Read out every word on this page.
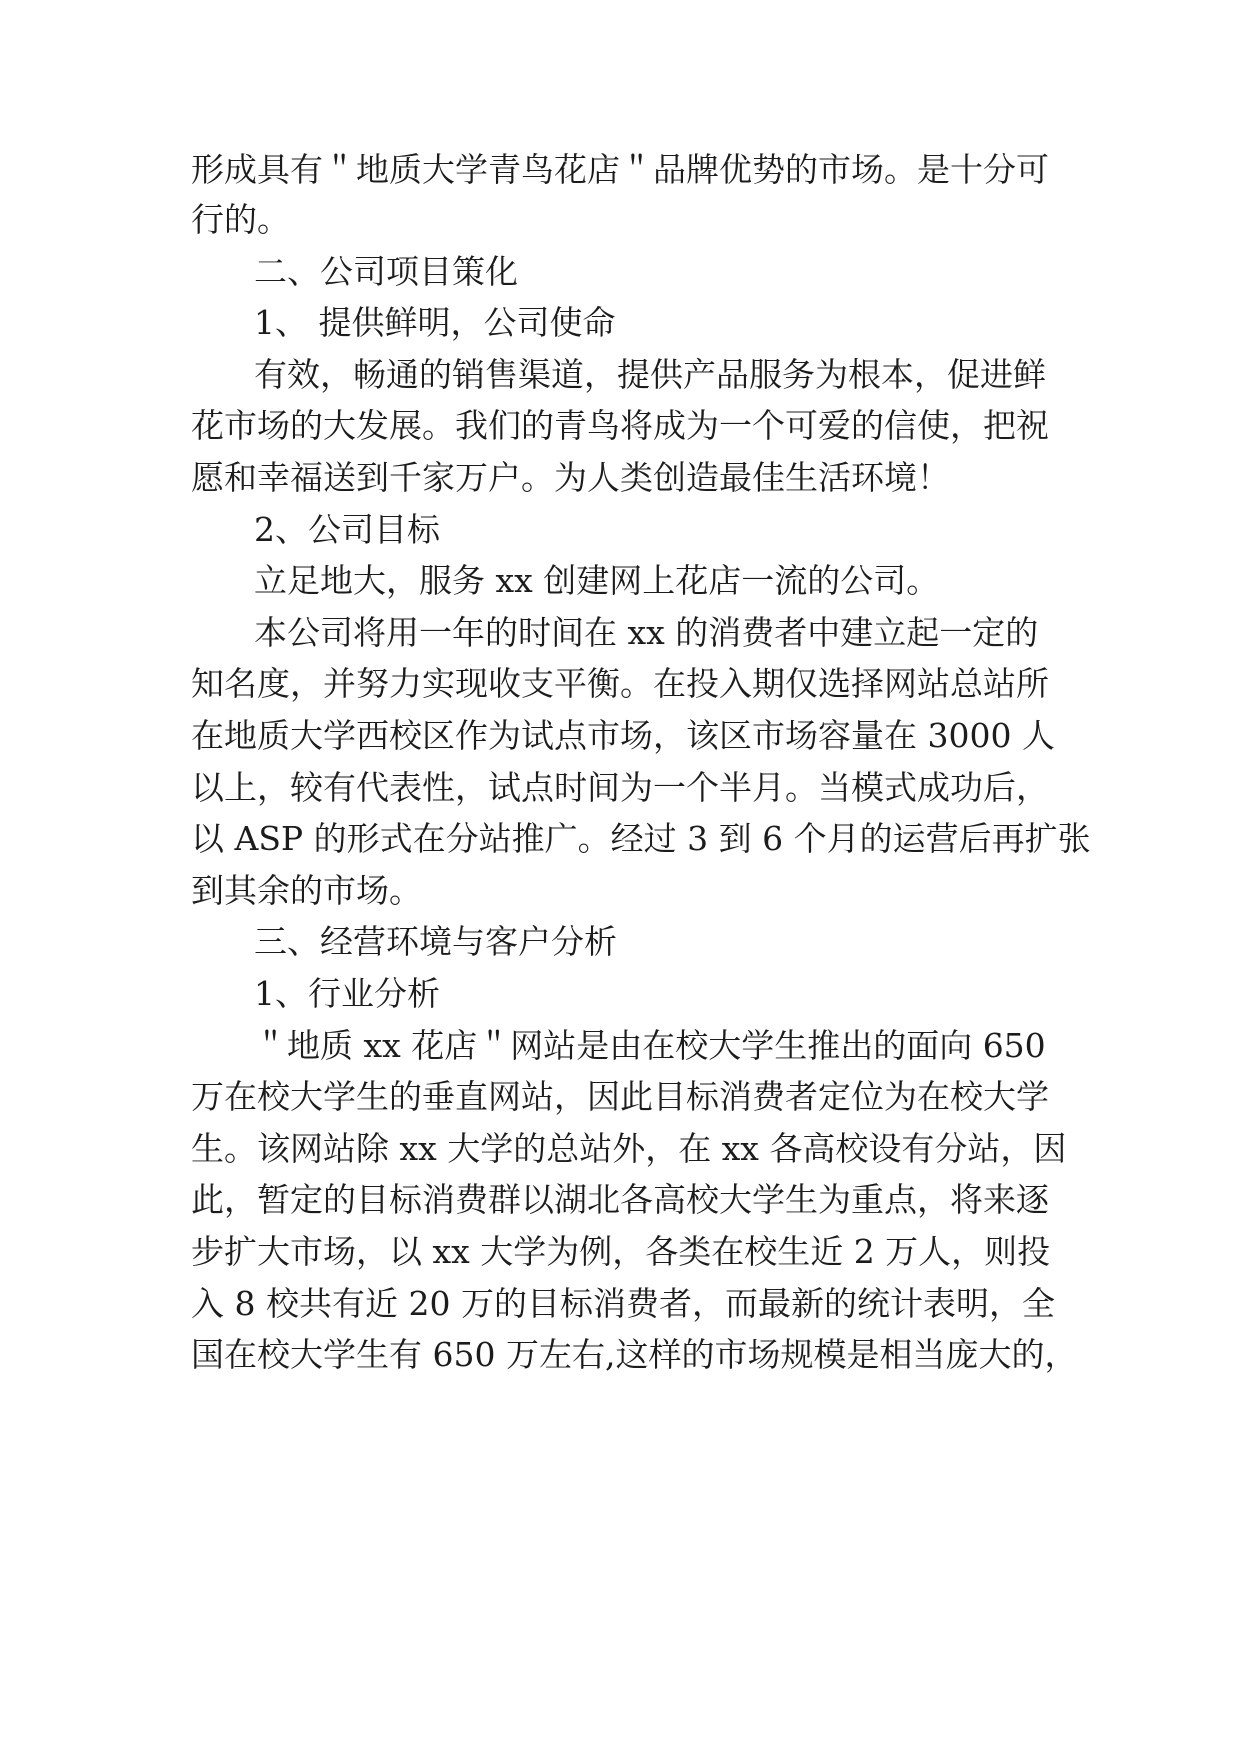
形成具有＂地质大学青鸟花店＂品牌优势的市场。是十分可
行的。
二、公司项目策化
1、 提供鲜明，公司使命
有效，畅通的销售渠道，提供产品服务为根本，促进鲜
花市场的大发展。我们的青鸟将成为一个可爱的信使，把祝
愿和幸福送到千家万户。为人类创造最佳生活环境！
2、公司目标
立足地大，服务 xx 创建网上花店一流的公司。
本公司将用一年的时间在 xx 的消费者中建立起一定的
知名度，并努力实现收支平衡。在投入期仅选择网站总站所
在地质大学西校区作为试点市场，该区市场容量在 3000 人
以上，较有代表性，试点时间为一个半月。当模式成功后，
以 ASP 的形式在分站推广。经过 3 到 6 个月的运营后再扩张
到其余的市场。
三、经营环境与客户分析
1、行业分析
＂地质 xx 花店＂网站是由在校大学生推出的面向 650
万在校大学生的垂直网站，因此目标消费者定位为在校大学
生。该网站除 xx 大学的总站外，在 xx 各高校设有分站，因
此，暂定的目标消费群以湖北各高校大学生为重点，将来逐
步扩大市场，以 xx 大学为例，各类在校生近 2 万人，则投
入 8 校共有近 20 万的目标消费者，而最新的统计表明，全
国在校大学生有 650 万左右,这样的市场规模是相当庞大的，
